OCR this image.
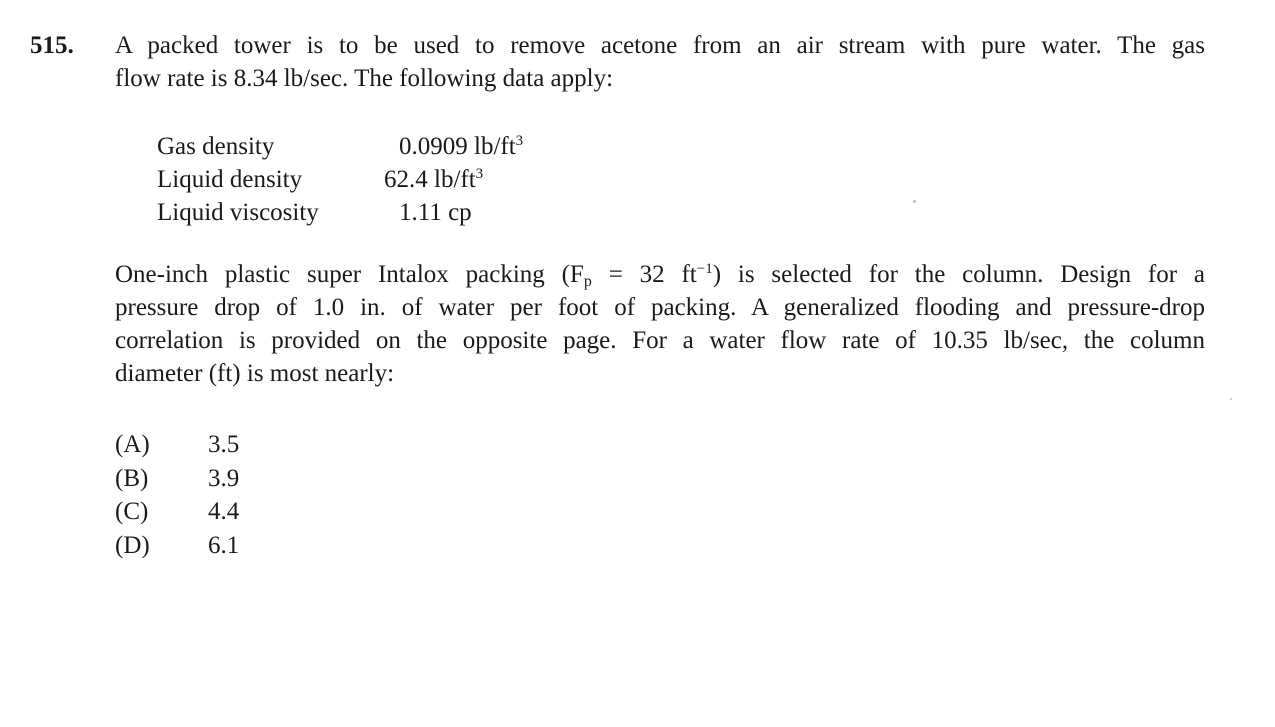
515. A packed tower is to be used to remove acetone from an air stream with pure water. The gas
flow rate is 8.34 lb/sec. The following data apply:
Gas density	0.0909 $lb/ft^3$
Liquid density	62.4 $lb/ft^3$
Liquid viscosity	1.11 cp
One-inch plastic super Intalox packing ($F_p = 32$ $ft^{-1}$) is selected for the column. Design for a
pressure drop of 1.0 in. of water per foot of packing. A generalized flooding and pressure-drop
correlation is provided on the opposite page. For a water flow rate of 10.35 lb/sec, the column
diameter (ft) is most nearly:
(A) 3.5
(B) 3.9
(C) 4.4
(D) 6.1
